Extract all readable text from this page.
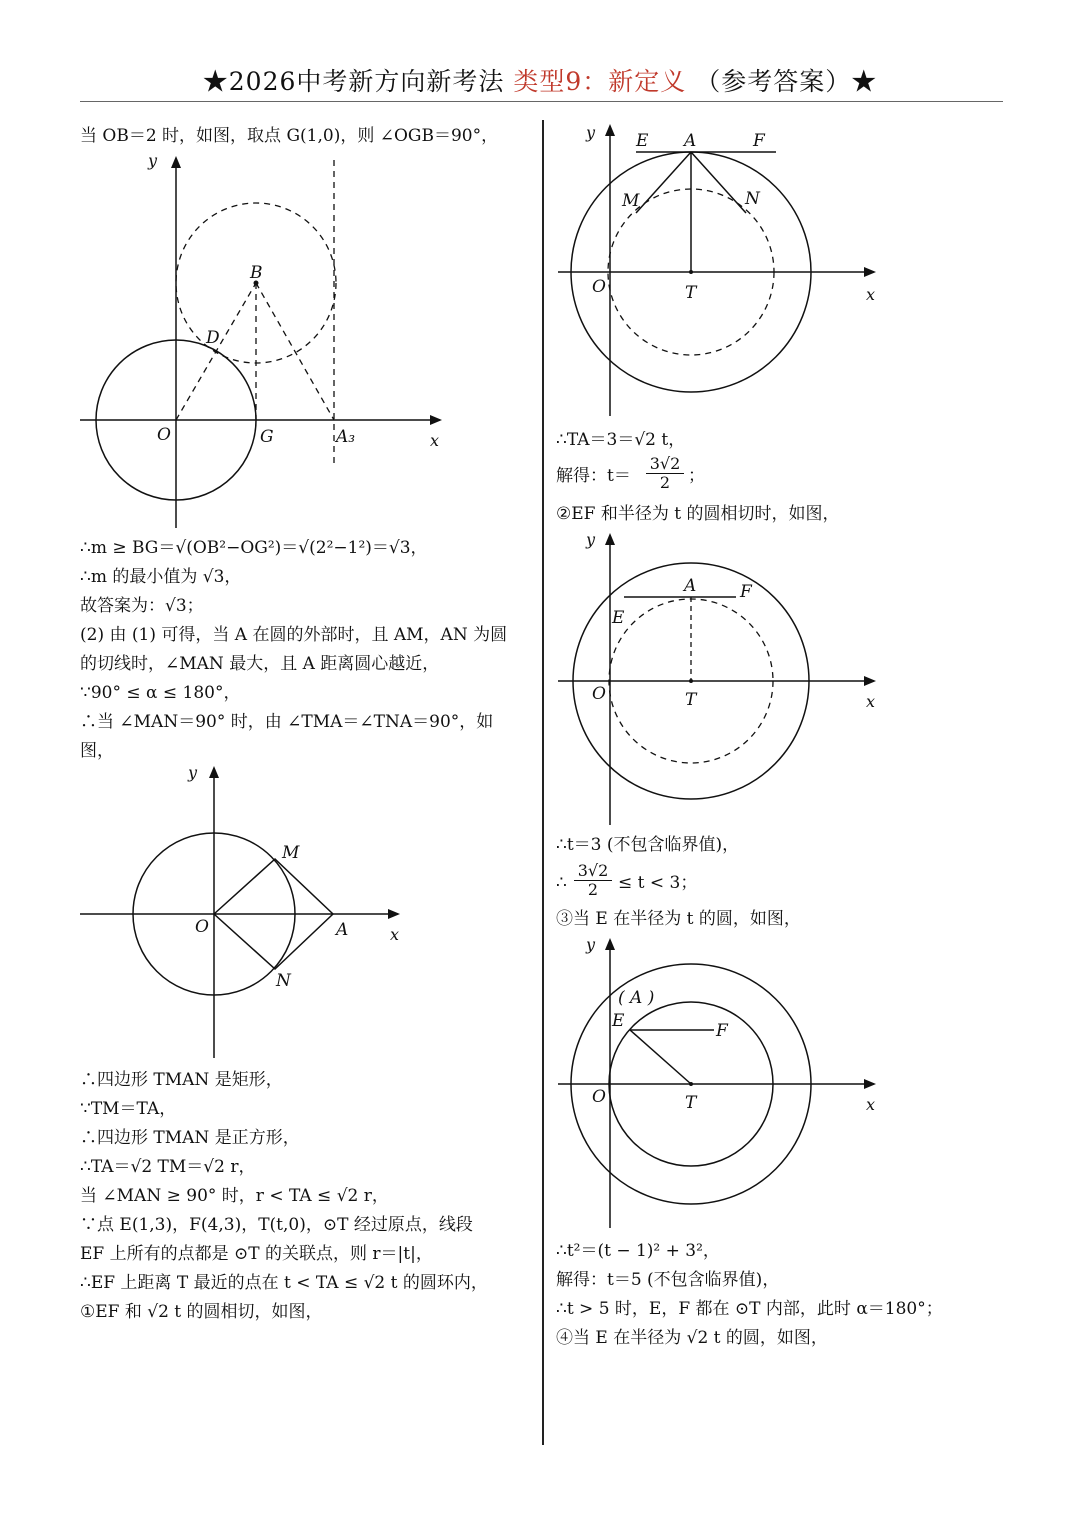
★2026中考新方向新考法 类型9：新定义 （参考答案）★
当 OB＝2 时，如图，取点 G(1,0)，则 ∠OGB＝90°，
y
x
O
B
D
G	A₃
∴m ≥ BG＝√(OB²−OG²)＝√(2²−1²)＝√3，
∴m 的最小值为 √3，
故答案为：√3；
(2) 由 (1) 可得，当 A 在圆的外部时，且 AM，AN 为圆
的切线时，∠MAN 最大，且 A 距离圆心越近，
∵90° ≤ α ≤ 180°，
∴当 ∠MAN＝90° 时，由 ∠TMA＝∠TNA＝90°，如
图，
y
x
O
M
N
A
∴四边形 TMAN 是矩形，
∵TM＝TA，
∴四边形 TMAN 是正方形，
∴TA＝√2 TM＝√2 r，
当 ∠MAN ≥ 90° 时，r < TA ≤ √2 r，
∵点 E(1,3)，F(4,3)，T(t,0)，⊙T 经过原点，线段
EF 上所有的点都是 ⊙T 的关联点，则 r＝|t|，
∴EF 上距离 T 最近的点在 t < TA ≤ √2 t 的圆环内，
①EF 和 √2 t 的圆相切，如图，
y
x
O	T
A
E	F
M	N
∴TA＝3＝√2 t，
解得：$t= \frac{3√2}{2}$ ；
②EF 和半径为 t 的圆相切时，如图，
y
x
O	T
A
E
F
∴t＝3 (不包含临界值)，
∴ $\frac{3√2}{2} \le t < 3$；
③当 E 在半径为 t 的圆，如图，
y
x
O	T
( A )
E	F
∴t²＝(t − 1)² + 3²，
解得：t＝5 (不包含临界值)，
∴t > 5 时，E，F 都在 ⊙T 内部，此时 α＝180°；
④当 E 在半径为 √2 t 的圆，如图，
